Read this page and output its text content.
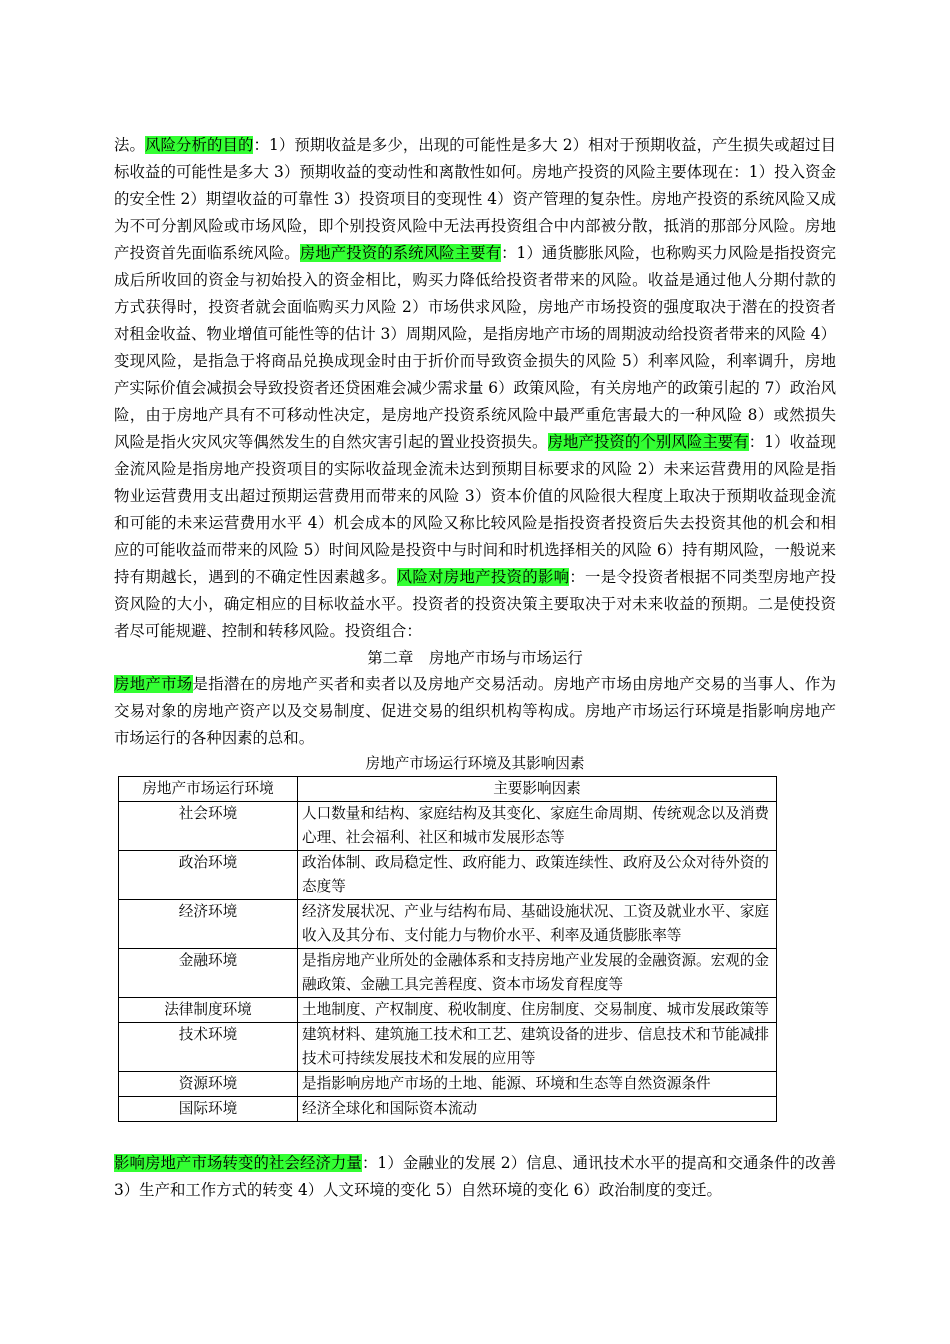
法。风险分析的目的：1）预期收益是多少，出现的可能性是多大 2）相对于预期收益，产生损失或超过目标收益的可能性是多大 3）预期收益的变动性和离散性如何。房地产投资的风险主要体现在：1）投入资金的安全性 2）期望收益的可靠性 3）投资项目的变现性 4）资产管理的复杂性。房地产投资的系统风险又成为不可分割风险或市场风险，即个别投资风险中无法再投资组合中内部被分散，抵消的那部分风险。房地产投资首先面临系统风险。房地产投资的系统风险主要有：1）通货膨胀风险，也称购买力风险是指投资完成后所收回的资金与初始投入的资金相比，购买力降低给投资者带来的风险。收益是通过他人分期付款的方式获得时，投资者就会面临购买力风险 2）市场供求风险，房地产市场投资的强度取决于潜在的投资者对租金收益、物业增值可能性等的估计 3）周期风险，是指房地产市场的周期波动给投资者带来的风险 4）变现风险，是指急于将商品兑换成现金时由于折价而导致资金损失的风险 5）利率风险，利率调升，房地产实际价值会减损会导致投资者还贷困难会减少需求量 6）政策风险，有关房地产的政策引起的 7）政治风险，由于房地产具有不可移动性决定，是房地产投资系统风险中最严重危害最大的一种风险 8）或然损失风险是指火灾风灾等偶然发生的自然灾害引起的置业投资损失。房地产投资的个别风险主要有：1）收益现金流风险是指房地产投资项目的实际收益现金流未达到预期目标要求的风险 2）未来运营费用的风险是指物业运营费用支出超过预期运营费用而带来的风险 3）资本价值的风险很大程度上取决于预期收益现金流和可能的未来运营费用水平 4）机会成本的风险又称比较风险是指投资者投资后失去投资其他的机会和相应的可能收益而带来的风险 5）时间风险是投资中与时间和时机选择相关的风险 6）持有期风险，一般说来持有期越长，遇到的不确定性因素越多。风险对房地产投资的影响：一是令投资者根据不同类型房地产投资风险的大小，确定相应的目标收益水平。投资者的投资决策主要取决于对未来收益的预期。二是使投资者尽可能规避、控制和转移风险。投资组合：

第二章　房地产市场与市场运行

房地产市场是指潜在的房地产买者和卖者以及房地产交易活动。房地产市场由房地产交易的当事人、作为交易对象的房地产资产以及交易制度、促进交易的组织机构等构成。房地产市场运行环境是指影响房地产市场运行的各种因素的总和。

房地产市场运行环境及其影响因素

房地产市场运行环境	主要影响因素
社会环境	人口数量和结构、家庭结构及其变化、家庭生命周期、传统观念以及消费心理、社会福利、社区和城市发展形态等
政治环境	政治体制、政局稳定性、政府能力、政策连续性、政府及公众对待外资的态度等
经济环境	经济发展状况、产业与结构布局、基础设施状况、工资及就业水平、家庭收入及其分布、支付能力与物价水平、利率及通货膨胀率等
金融环境	是指房地产业所处的金融体系和支持房地产业发展的金融资源。宏观的金融政策、金融工具完善程度、资本市场发育程度等
法律制度环境	土地制度、产权制度、税收制度、住房制度、交易制度、城市发展政策等
技术环境	建筑材料、建筑施工技术和工艺、建筑设备的进步、信息技术和节能减排技术可持续发展技术和发展的应用等
资源环境	是指影响房地产市场的土地、能源、环境和生态等自然资源条件
国际环境	经济全球化和国际资本流动

影响房地产市场转变的社会经济力量：1）金融业的发展 2）信息、通讯技术水平的提高和交通条件的改善 3）生产和工作方式的转变 4）人文环境的变化 5）自然环境的变化 6）政治制度的变迁。
